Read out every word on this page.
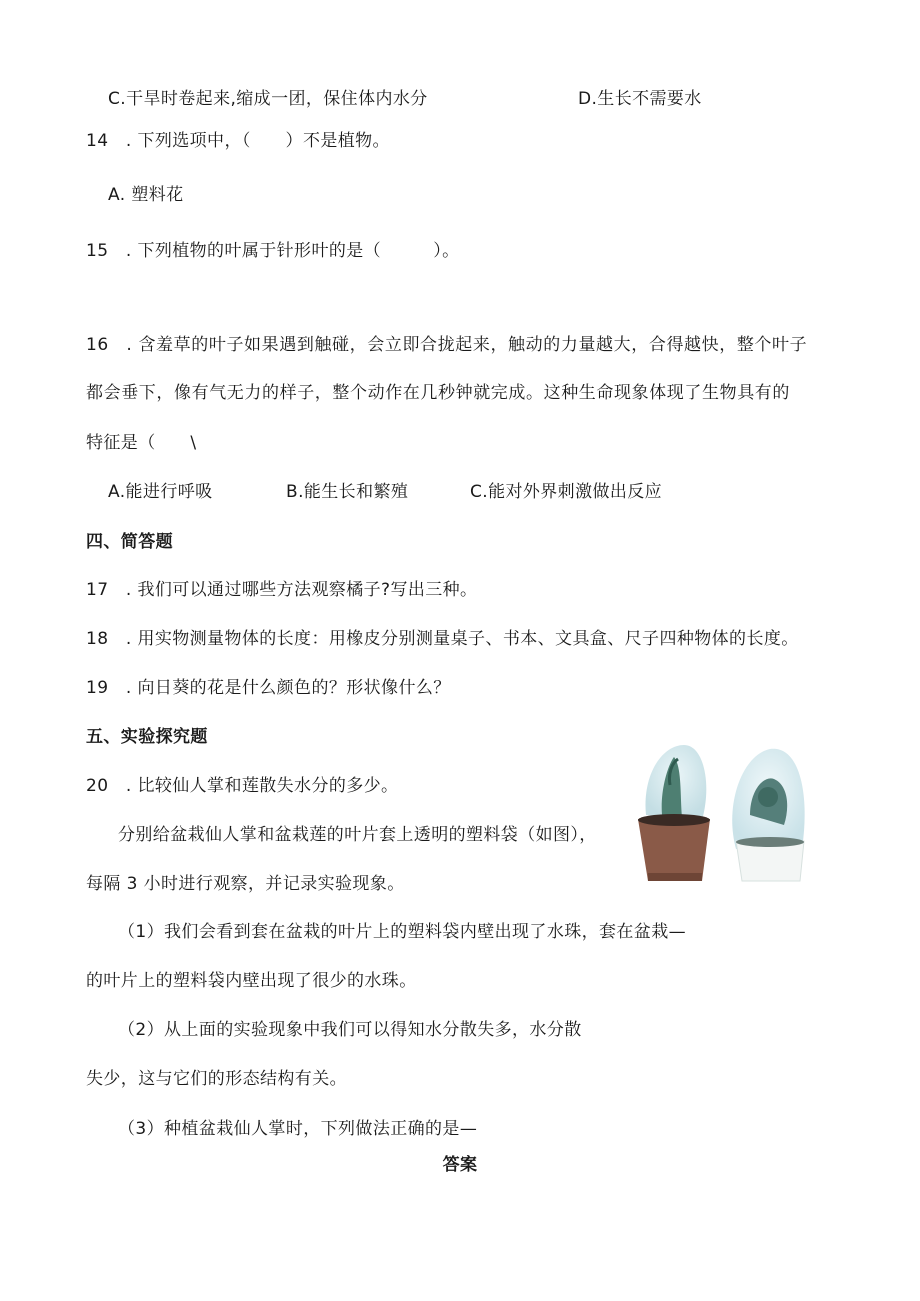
C.干旱时卷起来,缩成一团，保住体内水分	D.生长不需要水
14　. 下列选项中，（　　）不是植物。
A. 塑料花
15　. 下列植物的叶属于针形叶的是（　　　）。
16　. 含羞草的叶子如果遇到触碰，会立即合拢起来，触动的力量越大，合得越快，整个叶子
都会垂下，像有气无力的样子，整个动作在几秒钟就完成。这种生命现象体现了生物具有的
特征是（　　\
A.能进行呼吸	B.能生长和繁殖	C.能对外界刺激做出反应
四、简答题
17　. 我们可以通过哪些方法观察橘子?写出三种。
18　. 用实物测量物体的长度：用橡皮分别测量桌子、书本、文具盒、尺子四种物体的长度。
19　. 向日葵的花是什么颜色的？形状像什么？
五、实验探究题
20　. 比较仙人掌和莲散失水分的多少。
分别给盆栽仙人掌和盆栽莲的叶片套上透明的塑料袋（如图），
每隔 3 小时进行观察，并记录实验现象。
（1）我们会看到套在盆栽的叶片上的塑料袋内壁出现了水珠，套在盆栽—
的叶片上的塑料袋内壁出现了很少的水珠。
（2）从上面的实验现象中我们可以得知水分散失多，水分散
失少，这与它们的形态结构有关。
（3）种植盆栽仙人掌时，下列做法正确的是—
答案
